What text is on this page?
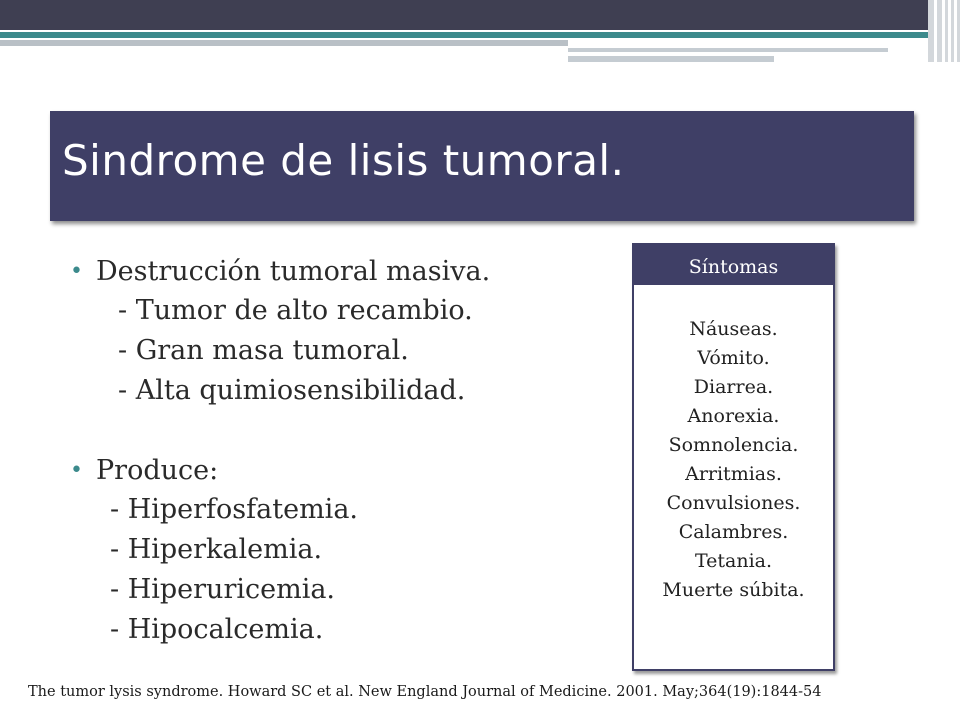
Sindrome de lisis tumoral.
• Destrucción tumoral masiva.
- Tumor de alto recambio.
- Gran masa tumoral.
- Alta quimiosensibilidad.
• Produce:
- Hiperfosfatemia.
- Hiperkalemia.
- Hiperuricemia.
- Hipocalcemia.
Síntomas
Náuseas.
Vómito.
Diarrea.
Anorexia.
Somnolencia.
Arritmias.
Convulsiones.
Calambres.
Tetania.
Muerte súbita.
The tumor lysis syndrome. Howard SC et al. New England Journal of Medicine. 2001. May;364(19):1844-54
